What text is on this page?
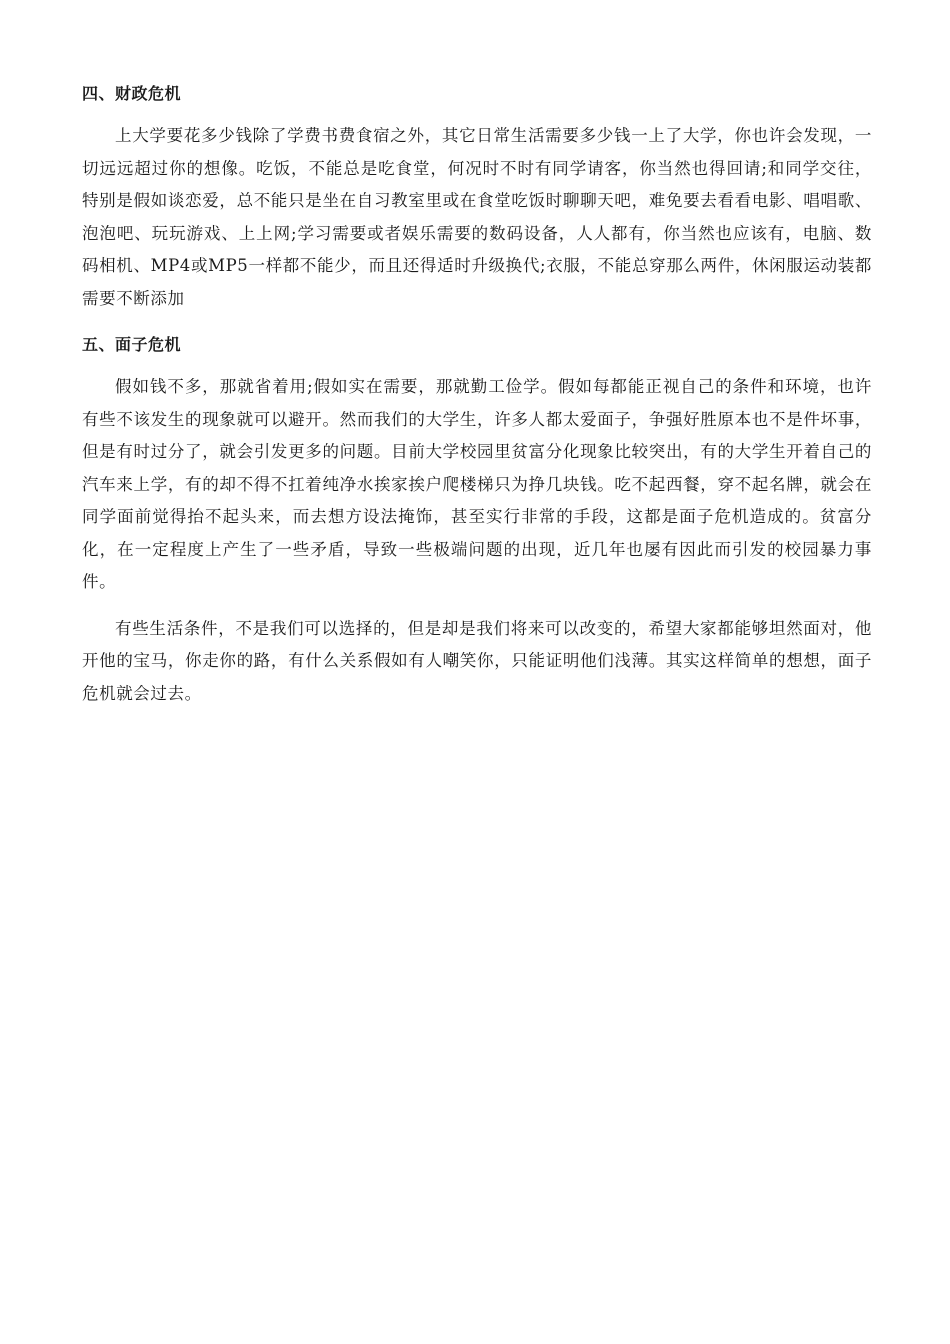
四、财政危机

上大学要花多少钱除了学费书费食宿之外，其它日常生活需要多少钱一上了大学，你也许会发现，一切远远超过你的想像。吃饭，不能总是吃食堂，何况时不时有同学请客，你当然也得回请;和同学交往，特别是假如谈恋爱，总不能只是坐在自习教室里或在食堂吃饭时聊聊天吧，难免要去看看电影、唱唱歌、泡泡吧、玩玩游戏、上上网;学习需要或者娱乐需要的数码设备，人人都有，你当然也应该有，电脑、数码相机、MP4或MP5一样都不能少，而且还得适时升级换代;衣服，不能总穿那么两件，休闲服运动装都需要不断添加

五、面子危机

假如钱不多，那就省着用;假如实在需要，那就勤工俭学。假如每都能正视自己的条件和环境，也许有些不该发生的现象就可以避开。然而我们的大学生，许多人都太爱面子，争强好胜原本也不是件坏事，但是有时过分了，就会引发更多的问题。目前大学校园里贫富分化现象比较突出，有的大学生开着自己的汽车来上学，有的却不得不扛着纯净水挨家挨户爬楼梯只为挣几块钱。吃不起西餐，穿不起名牌，就会在同学面前觉得抬不起头来，而去想方设法掩饰，甚至实行非常的手段，这都是面子危机造成的。贫富分化，在一定程度上产生了一些矛盾，导致一些极端问题的出现，近几年也屡有因此而引发的校园暴力事件。

有些生活条件，不是我们可以选择的，但是却是我们将来可以改变的，希望大家都能够坦然面对，他开他的宝马，你走你的路，有什么关系假如有人嘲笑你，只能证明他们浅薄。其实这样简单的想想，面子危机就会过去。
